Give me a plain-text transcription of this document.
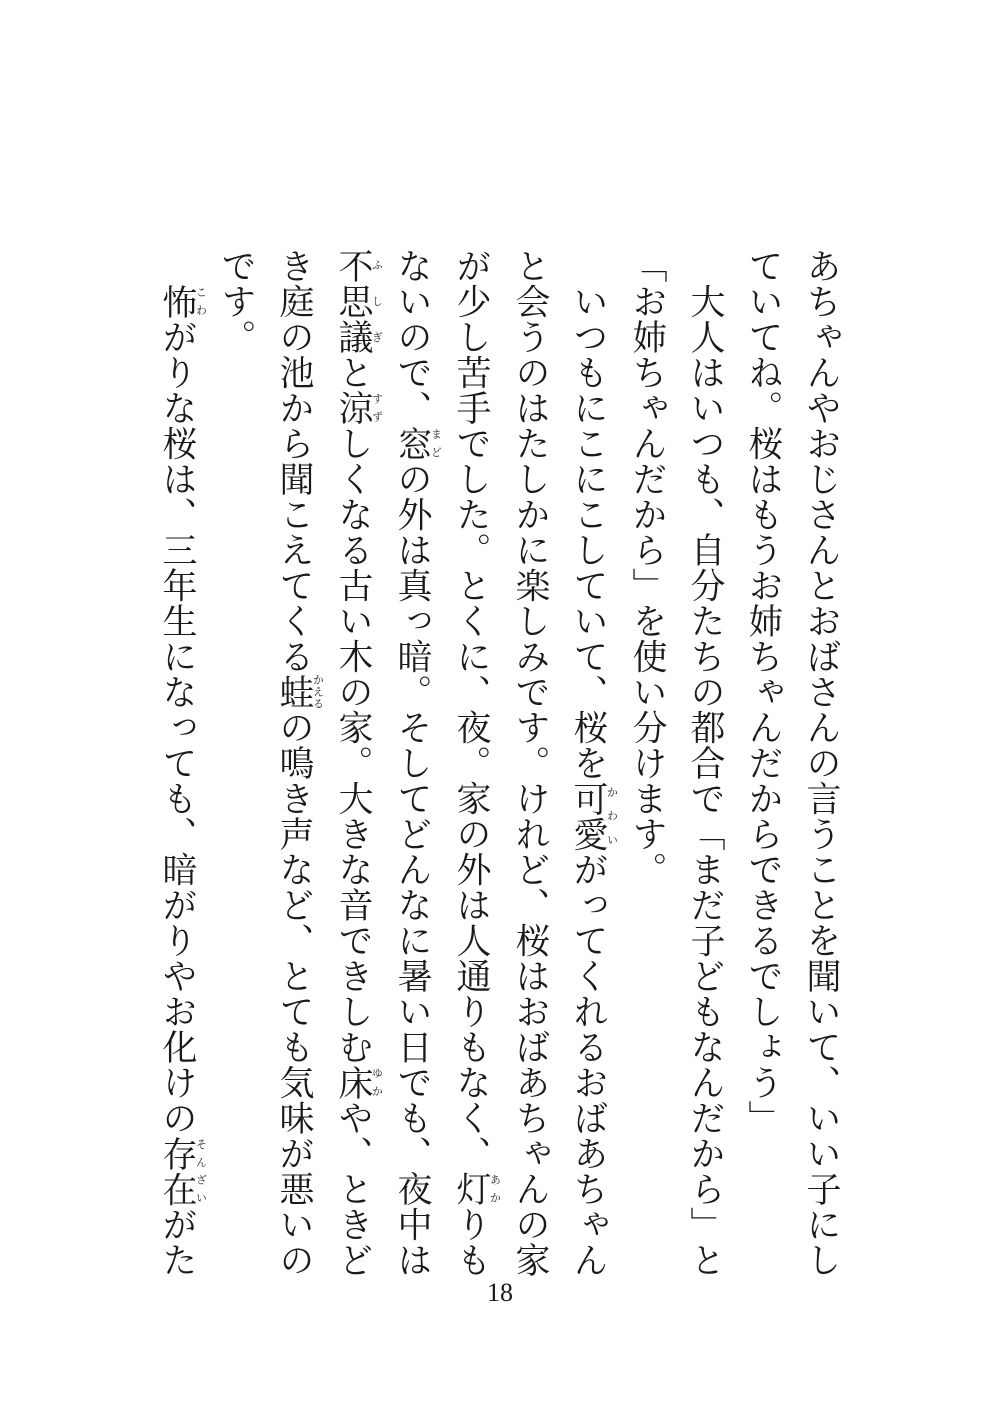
あちゃんやおじさんとおばさんの言うことを聞いて、いい子にし
ていてね。桜はもうお姉ちゃんだからできるでしょう」
　大人はいつも、自分たちの都合で「まだ子どもなんだから」と
「お姉ちゃんだから」を使い分けます。
　いつもにこにこしていて、桜を可愛かわいがってくれるおばあちゃん
と会うのはたしかに楽しみです。けれど、桜はおばあちゃんの家
が少し苦手でした。とくに、夜。家の外は人通りもなく、灯あかりも
ないので、窓まどの外は真っ暗。そしてどんなに暑い日でも、夜中は
不思議ふしぎと涼すずしくなる古い木の家。大きな音できしむ床ゆかや、ときど
き庭の池から聞こえてくる蛙かえるの鳴き声など、とても気味が悪いの
です。
　怖こわがりな桜は、三年生になっても、暗がりやお化けの存在そんざいがた
18
